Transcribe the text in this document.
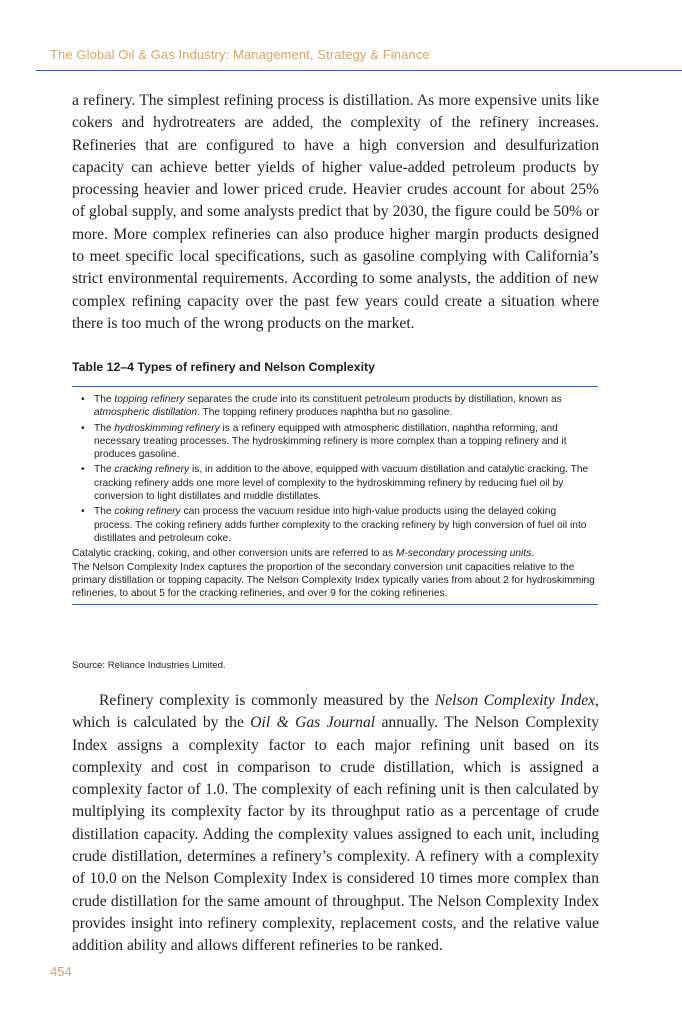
The Global Oil & Gas Industry: Management, Strategy & Finance

a refinery. The simplest refining process is distillation. As more expensive units like cokers and hydrotreaters are added, the complexity of the refinery increases. Refineries that are configured to have a high conversion and desulfurization capacity can achieve better yields of higher value-added petroleum products by processing heavier and lower priced crude. Heavier crudes account for about 25% of global supply, and some analysts predict that by 2030, the figure could be 50% or more. More complex refineries can also produce higher margin products designed to meet specific local specifications, such as gasoline complying with California’s strict environmental requirements. According to some analysts, the addition of new complex refining capacity over the past few years could create a situation where there is too much of the wrong products on the market.

Table 12–4 Types of refinery and Nelson Complexity
• The topping refinery separates the crude into its constituent petroleum products by distillation, known as atmospheric distillation. The topping refinery produces naphtha but no gasoline.
• The hydroskimming refinery is a refinery equipped with atmospheric distillation, naphtha reforming, and necessary treating processes. The hydroskimming refinery is more complex than a topping refinery and it produces gasoline.
• The cracking refinery is, in addition to the above, equipped with vacuum distillation and catalytic cracking. The cracking refinery adds one more level of complexity to the hydroskimming refinery by reducing fuel oil by conversion to light distillates and middle distillates.
• The coking refinery can process the vacuum residue into high-value products using the delayed coking process. The coking refinery adds further complexity to the cracking refinery by high conversion of fuel oil into distillates and petroleum coke.

Catalytic cracking, coking, and other conversion units are referred to as M-secondary processing units.

The Nelson Complexity Index captures the proportion of the secondary conversion unit capacities relative to the primary distillation or topping capacity. The Nelson Complexity Index typically varies from about 2 for hydroskimming refineries, to about 5 for the cracking refineries, and over 9 for the coking refineries.

Source: Reliance Industries Limited.

Refinery complexity is commonly measured by the Nelson Complexity Index, which is calculated by the Oil & Gas Journal annually. The Nelson Complexity Index assigns a complexity factor to each major refining unit based on its complexity and cost in comparison to crude distillation, which is assigned a complexity factor of 1.0. The complexity of each refining unit is then calculated by multiplying its complexity factor by its throughput ratio as a percentage of crude distillation capacity. Adding the complexity values assigned to each unit, including crude distillation, determines a refinery’s complexity. A refinery with a complexity of 10.0 on the Nelson Complexity Index is considered 10 times more complex than crude distillation for the same amount of throughput. The Nelson Complexity Index provides insight into refinery complexity, replacement costs, and the relative value addition ability and allows different refineries to be ranked.

454
